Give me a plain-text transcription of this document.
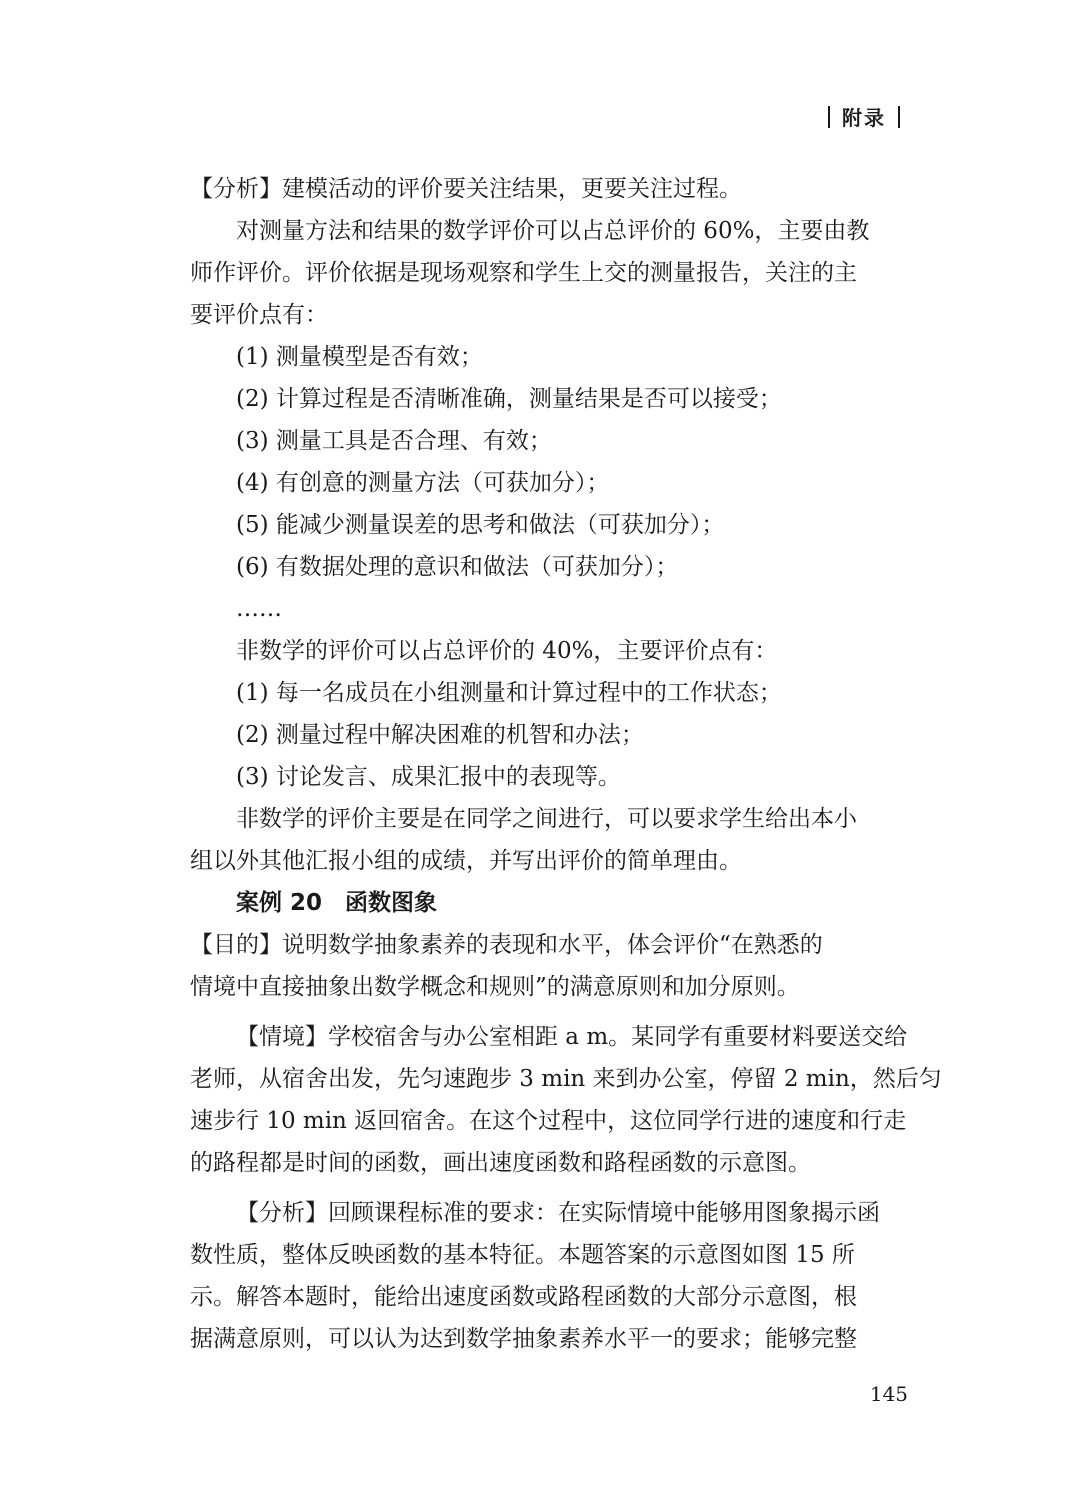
附录
【分析】建模活动的评价要关注结果，更要关注过程。
对测量方法和结果的数学评价可以占总评价的 60%，主要由教
师作评价。评价依据是现场观察和学生上交的测量报告，关注的主
要评价点有：
(1) 测量模型是否有效；
(2) 计算过程是否清晰准确，测量结果是否可以接受；
(3) 测量工具是否合理、有效；
(4) 有创意的测量方法（可获加分）；
(5) 能减少测量误差的思考和做法（可获加分）；
(6) 有数据处理的意识和做法（可获加分）；
……
非数学的评价可以占总评价的 40%，主要评价点有：
(1) 每一名成员在小组测量和计算过程中的工作状态；
(2) 测量过程中解决困难的机智和办法；
(3) 讨论发言、成果汇报中的表现等。
非数学的评价主要是在同学之间进行，可以要求学生给出本小
组以外其他汇报小组的成绩，并写出评价的简单理由。
案例 20　函数图象
【目的】说明数学抽象素养的表现和水平，体会评价“在熟悉的
情境中直接抽象出数学概念和规则”的满意原则和加分原则。
【情境】学校宿舍与办公室相距 a m。某同学有重要材料要送交给
老师，从宿舍出发，先匀速跑步 3 min 来到办公室，停留 2 min，然后匀
速步行 10 min 返回宿舍。在这个过程中，这位同学行进的速度和行走
的路程都是时间的函数，画出速度函数和路程函数的示意图。
【分析】回顾课程标准的要求：在实际情境中能够用图象揭示函
数性质，整体反映函数的基本特征。本题答案的示意图如图 15 所
示。解答本题时，能给出速度函数或路程函数的大部分示意图，根
据满意原则，可以认为达到数学抽象素养水平一的要求；能够完整
145
